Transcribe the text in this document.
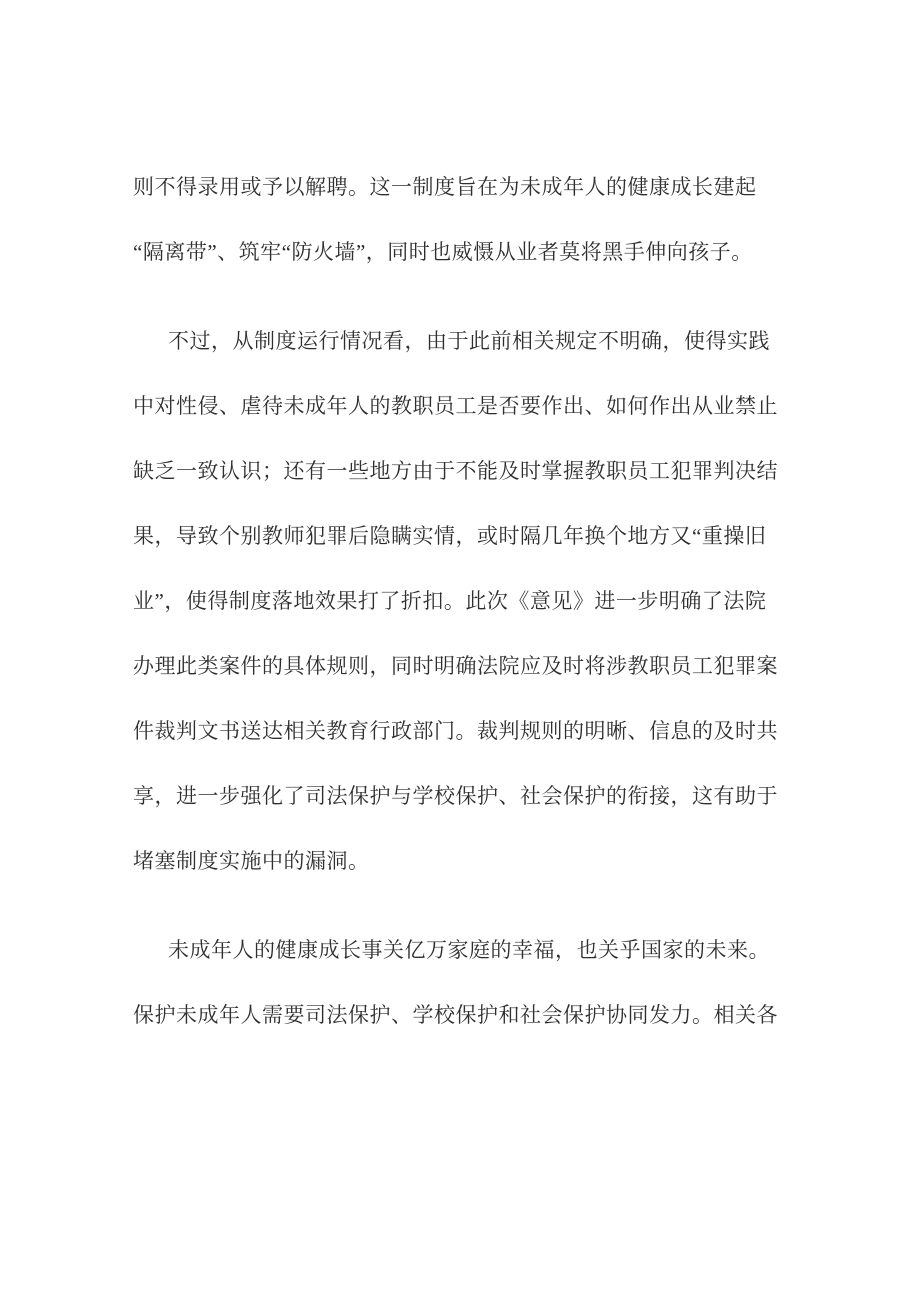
则不得录用或予以解聘。这一制度旨在为未成年人的健康成长建起
“隔离带”、筑牢“防火墙”，同时也威慑从业者莫将黑手伸向孩子。
不过，从制度运行情况看，由于此前相关规定不明确，使得实践
中对性侵、虐待未成年人的教职员工是否要作出、如何作出从业禁止
缺乏一致认识；还有一些地方由于不能及时掌握教职员工犯罪判决结
果，导致个别教师犯罪后隐瞒实情，或时隔几年换个地方又“重操旧
业”，使得制度落地效果打了折扣。此次《意见》进一步明确了法院
办理此类案件的具体规则，同时明确法院应及时将涉教职员工犯罪案
件裁判文书送达相关教育行政部门。裁判规则的明晰、信息的及时共
享，进一步强化了司法保护与学校保护、社会保护的衔接，这有助于
堵塞制度实施中的漏洞。
未成年人的健康成长事关亿万家庭的幸福，也关乎国家的未来。
保护未成年人需要司法保护、学校保护和社会保护协同发力。相关各
